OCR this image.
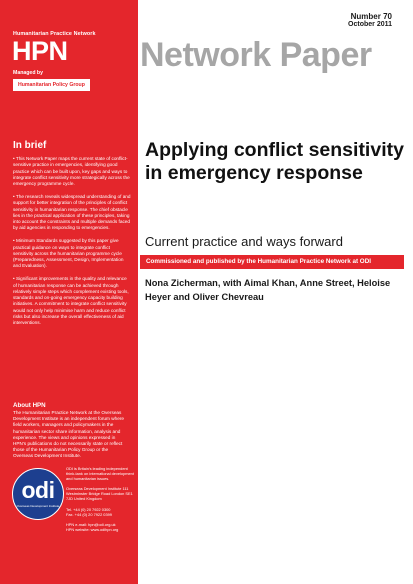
Humanitarian Practice Network
HPN
Managed by
Humanitarian Policy Group
In brief

• This Network Paper maps the current state of conflict-sensitive practice in emergencies, identifying good practice which can be built upon, key gaps and ways to integrate conflict sensitivity more strategically across the emergency programme cycle.

• The research reveals widespread understanding of and support for better integration of the principles of conflict sensitivity in humanitarian response. The chief obstacle lies in the practical application of these principles, taking into account the constraints and multiple demands faced by aid agencies in responding to emergencies.

• Minimum Standards suggested by this paper give practical guidance on ways to integrate conflict sensitivity across the humanitarian programme cycle (Preparedness, Assessment, Design, Implementation and Evaluation).

• Significant improvements in the quality and relevance of humanitarian response can be achieved through relatively simple steps which complement existing tools, standards and on-going emergency capacity building initiatives. A commitment to integrate conflict sensitivity would not only help minimise harm and reduce conflict risks but also increase the overall effectiveness of aid interventions.

About HPN

The Humanitarian Practice Network at the Overseas Development Institute is an independent forum where field workers, managers and policymakers in the humanitarian sector share information, analysis and experience. The views and opinions expressed in HPN's publications do not necessarily state or reflect those of the Humanitarian Policy Group or the Overseas Development Institute.

odi
Overseas Development Institute

ODI is Britain's leading independent think-tank on international development and humanitarian issues.

Overseas Development Institute 111 Westminster Bridge Road London SE1 7JD United Kingdom

Tel. +44 (0) 20 7922 0300

Fax. +44 (0) 20 7922 0399

HPN e-mail: hpn@odi.org.uk

HPN website: www.odihpn.org

Number 70
October 2011
Network Paper
Applying conflict sensitivity in emergency response
Current practice and ways forward
Commissioned and published by the Humanitarian Practice Network at ODI
Nona Zicherman, with Aimal Khan, Anne Street, Heloise Heyer and Oliver Chevreau
